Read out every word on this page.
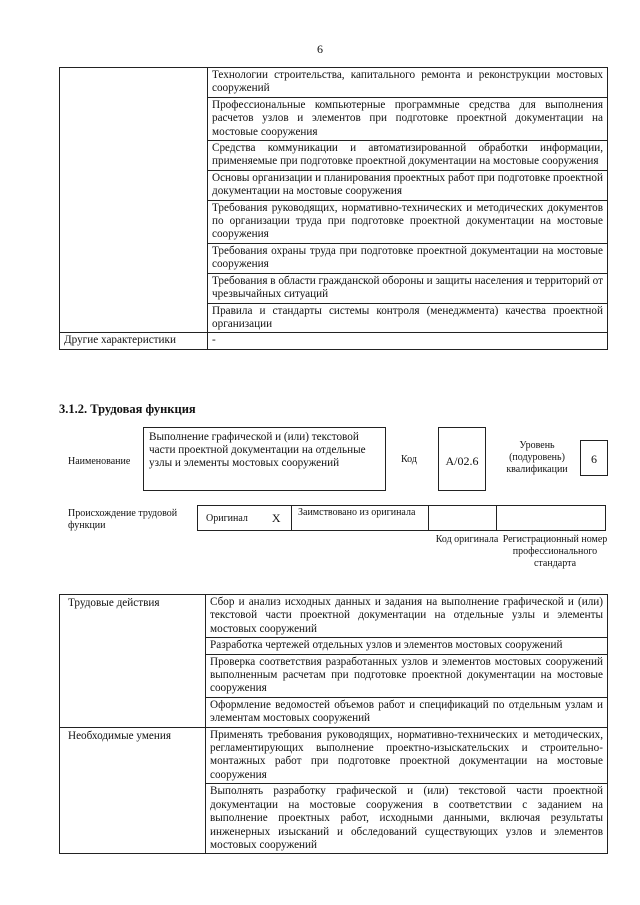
6
	Технологии строительства, капитального ремонта и реконструкции мостовых сооружений
	Профессиональные компьютерные программные средства для выполнения расчетов узлов и элементов при подготовке проектной документации на мостовые сооружения
	Средства коммуникации и автоматизированной обработки информации, применяемые при подготовке проектной документации на мостовые сооружения
	Основы организации и планирования проектных работ при подготовке проектной документации на мостовые сооружения
	Требования руководящих, нормативно-технических и методических документов по организации труда при подготовке проектной документации на мостовые сооружения
	Требования охраны труда при подготовке проектной документации на мостовые сооружения
	Требования в области гражданской обороны и защиты населения и территорий от чрезвычайных ситуаций
	Правила и стандарты системы контроля (менеджмента) качества проектной организации
Другие характеристики	-
3.1.2. Трудовая функция
Наименование
Выполнение графической и (или) текстовой части проектной документации на отдельные узлы и элементы мостовых сооружений	Код	A/02.6
Уровень (подуровень) квалификации
6
Происхождение трудовой функции
Оригинал X	Заимствовано из оригинала
Код оригинала Регистрационный номер профессионального стандарта
Трудовые действия	Сбор и анализ исходных данных и задания на выполнение графической и (или) текстовой части проектной документации на отдельные узлы и элементы мостовых сооружений
	Разработка чертежей отдельных узлов и элементов мостовых сооружений
	Проверка соответствия разработанных узлов и элементов мостовых сооружений выполненным расчетам при подготовке проектной документации на мостовые сооружения
	Оформление ведомостей объемов работ и спецификаций по отдельным узлам и элементам мостовых сооружений
Необходимые умения	Применять требования руководящих, нормативно-технических и методических, регламентирующих выполнение проектно-изыскательских и строительно-монтажных работ при подготовке проектной документации на мостовые сооружения
	Выполнять разработку графической и (или) текстовой части проектной документации на мостовые сооружения в соответствии с заданием на выполнение проектных работ, исходными данными, включая результаты инженерных изысканий и обследований существующих узлов и элементов мостовых сооружений
